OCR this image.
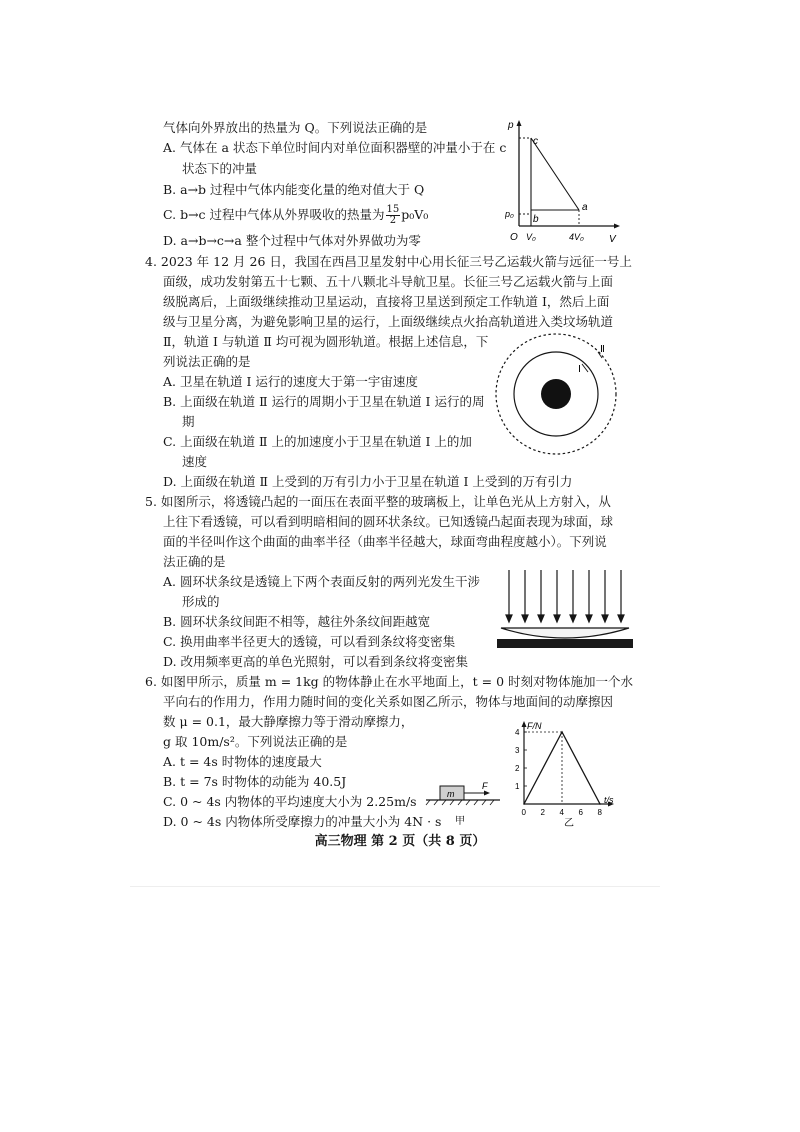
气体向外界放出的热量为 Q。下列说法正确的是
A. 气体在 a 状态下单位时间内对单位面积器壁的冲量小于在 c
状态下的冲量
B. a→b 过程中气体内能变化量的绝对值大于 Q
C. b→c 过程中气体从外界吸收的热量为 $\frac{15}{2} p_0V_0$
D. a→b→c→a 整个过程中气体对外界做功为零
p
V
O
p₀
V₀	4V₀
a
b
c
4. 2023 年 12 月 26 日，我国在西昌卫星发射中心用长征三号乙运载火箭与远征一号上
面级，成功发射第五十七颗、五十八颗北斗导航卫星。长征三号乙运载火箭与上面
级脱离后，上面级继续推动卫星运动，直接将卫星送到预定工作轨道 Ⅰ，然后上面
级与卫星分离，为避免影响卫星的运行，上面级继续点火抬高轨道进入类坟场轨道
Ⅱ，轨道 Ⅰ 与轨道 Ⅱ 均可视为圆形轨道。根据上述信息，下
列说法正确的是
A. 卫星在轨道 Ⅰ 运行的速度大于第一宇宙速度
B. 上面级在轨道 Ⅱ 运行的周期小于卫星在轨道 Ⅰ 运行的周
期
C. 上面级在轨道 Ⅱ 上的加速度小于卫星在轨道 Ⅰ 上的加
速度
D. 上面级在轨道 Ⅱ 上受到的万有引力小于卫星在轨道 Ⅰ 上受到的万有引力
Ⅰ
Ⅱ
5. 如图所示，将透镜凸起的一面压在表面平整的玻璃板上，让单色光从上方射入，从
上往下看透镜，可以看到明暗相间的圆环状条纹。已知透镜凸起面表现为球面，球
面的半径叫作这个曲面的曲率半径（曲率半径越大，球面弯曲程度越小）。下列说
法正确的是
A. 圆环状条纹是透镜上下两个表面反射的两列光发生干涉
形成的
B. 圆环状条纹间距不相等，越往外条纹间距越宽
C. 换用曲率半径更大的透镜，可以看到条纹将变密集
D. 改用频率更高的单色光照射，可以看到条纹将变密集
6. 如图甲所示，质量 m = 1kg 的物体静止在水平地面上，t = 0 时刻对物体施加一个水
平向右的作用力，作用力随时间的变化关系如图乙所示，物体与地面间的动摩擦因
数 μ = 0.1，最大静摩擦力等于滑动摩擦力，
g 取 10m/s²。下列说法正确的是
A. t = 4s 时物体的速度最大
B. t = 7s 时物体的动能为 40.5J
C. 0 ~ 4s 内物体的平均速度大小为 2.25m/s
D. 0 ~ 4s 内物体所受摩擦力的冲量大小为 4N · s
m
F
甲
F/N
t/s
4
3
2
1
0 2 4 6 8
乙
高三物理 第 2 页（共 8 页）
